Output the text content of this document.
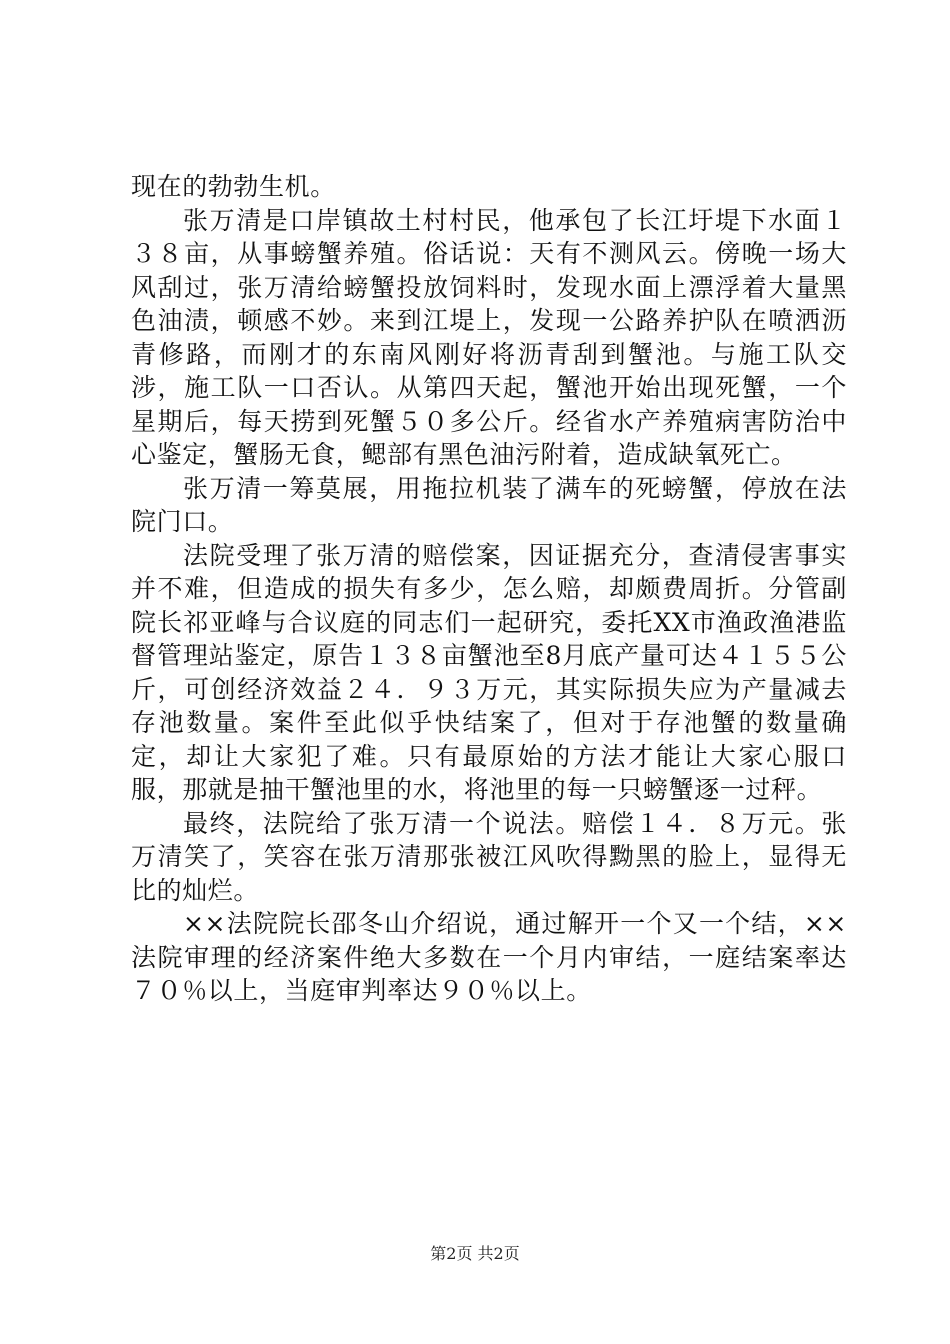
现在的勃勃生机。

张万清是口岸镇故土村村民，他承包了长江圩堤下水面１３８亩，从事螃蟹养殖。俗话说：天有不测风云。傍晚一场大风刮过，张万清给螃蟹投放饲料时，发现水面上漂浮着大量黑色油渍，顿感不妙。来到江堤上，发现一公路养护队在喷洒沥青修路，而刚才的东南风刚好将沥青刮到蟹池。与施工队交涉，施工队一口否认。从第四天起，蟹池开始出现死蟹，一个星期后，每天捞到死蟹５０多公斤。经省水产养殖病害防治中心鉴定，蟹肠无食，鳃部有黑色油污附着，造成缺氧死亡。

张万清一筹莫展，用拖拉机装了满车的死螃蟹，停放在法院门口。

法院受理了张万清的赔偿案，因证据充分，查清侵害事实并不难，但造成的损失有多少，怎么赔，却颇费周折。分管副院长祁亚峰与合议庭的同志们一起研究，委托XX市渔政渔港监督管理站鉴定，原告１３８亩蟹池至8月底产量可达４１５５公斤，可创经济效益２４．９３万元，其实际损失应为产量减去存池数量。案件至此似乎快结案了，但对于存池蟹的数量确定，却让大家犯了难。只有最原始的方法才能让大家心服口服，那就是抽干蟹池里的水，将池里的每一只螃蟹逐一过秤。

最终，法院给了张万清一个说法。赔偿１４．８万元。张万清笑了，笑容在张万清那张被江风吹得黝黑的脸上，显得无比的灿烂。

××法院院长邵冬山介绍说，通过解开一个又一个结，××法院审理的经济案件绝大多数在一个月内审结，一庭结案率达７０％以上，当庭审判率达９０％以上。

第2页 共2页
